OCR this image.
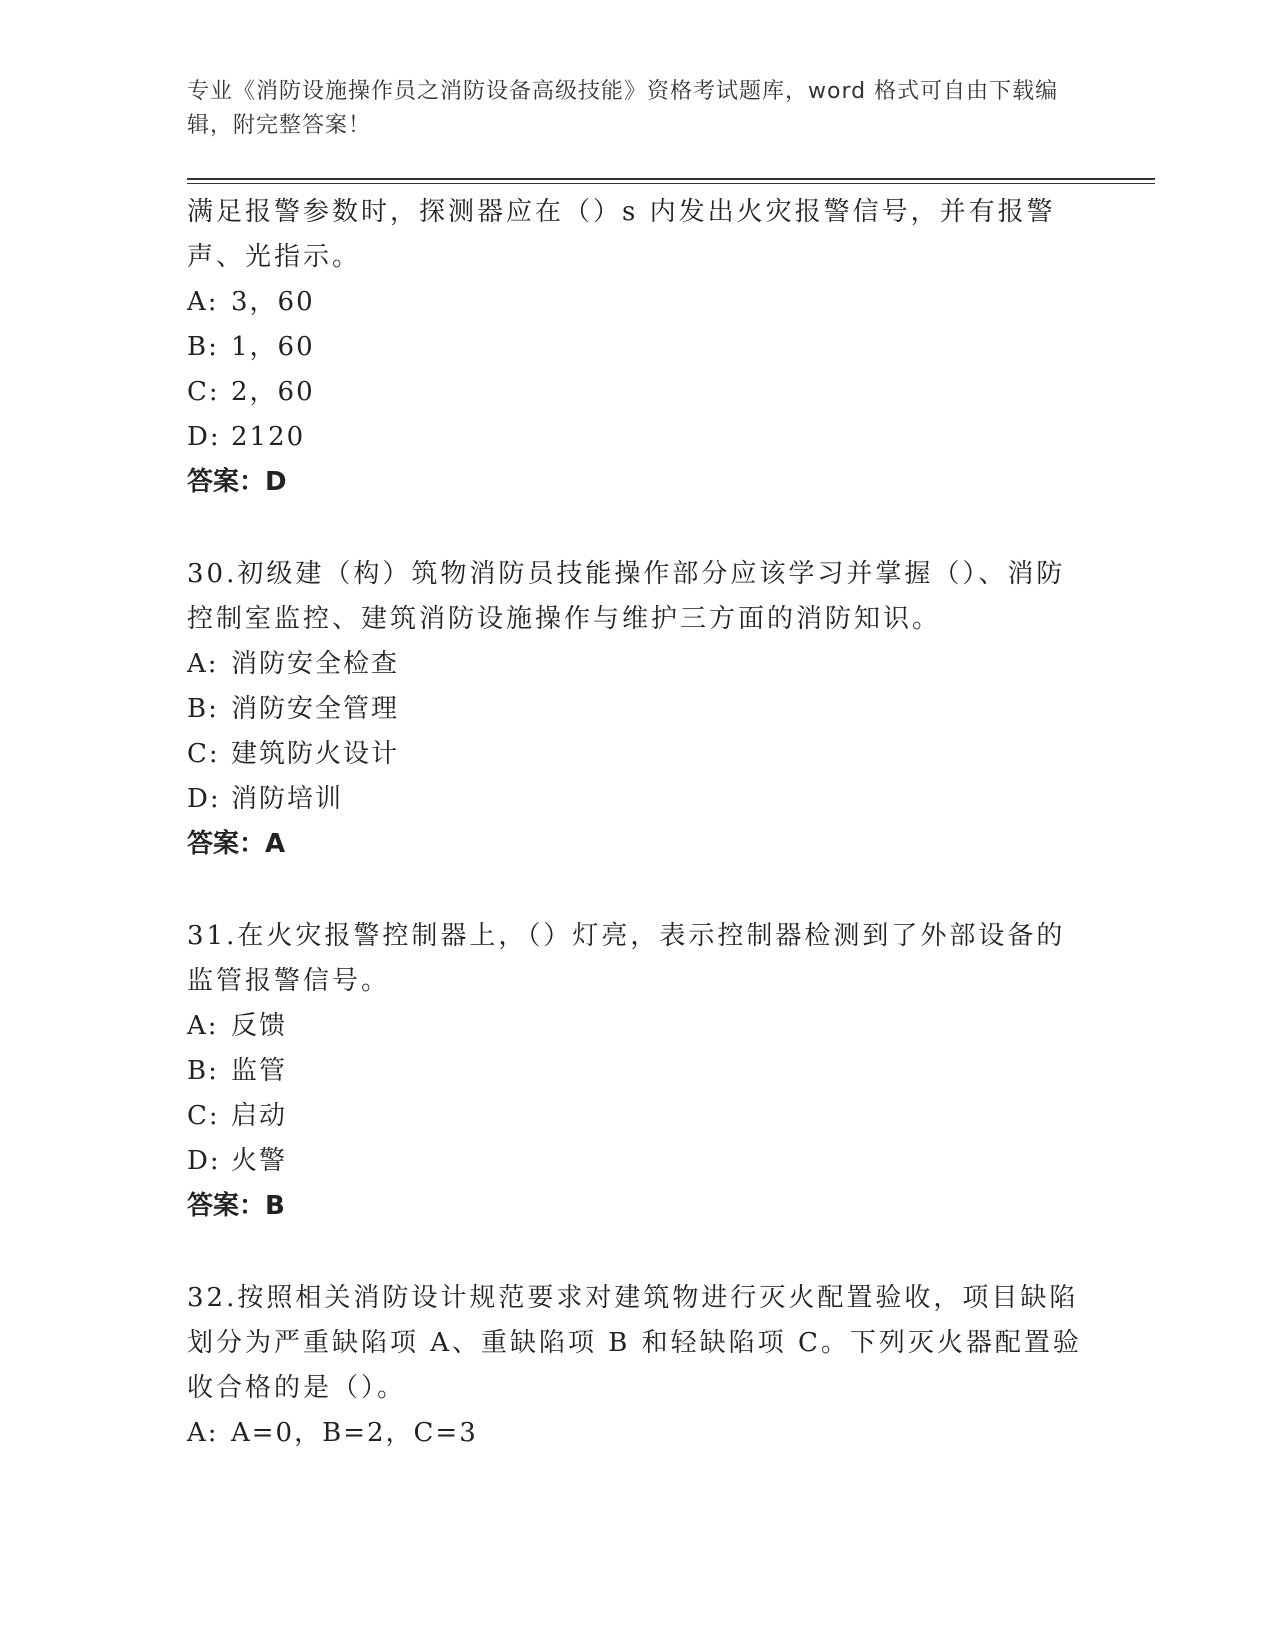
专业《消防设施操作员之消防设备高级技能》资格考试题库，word 格式可自由下载编辑，附完整答案！

满足报警参数时，探测器应在（）s 内发出火灾报警信号，并有报警声、光指示。

A: 3，60

B: 1，60

C: 2，60

D: 2120

答案：D

30.初级建（构）筑物消防员技能操作部分应该学习并掌握（）、消防控制室监控、建筑消防设施操作与维护三方面的消防知识。

A: 消防安全检查

B: 消防安全管理

C: 建筑防火设计

D: 消防培训

答案：A

31.在火灾报警控制器上，（）灯亮，表示控制器检测到了外部设备的监管报警信号。

A: 反馈

B: 监管

C: 启动

D: 火警

答案：B

32.按照相关消防设计规范要求对建筑物进行灭火配置验收，项目缺陷划分为严重缺陷项 A、重缺陷项 B 和轻缺陷项 C。下列灭火器配置验收合格的是（）。

A: A=0，B=2，C=3
